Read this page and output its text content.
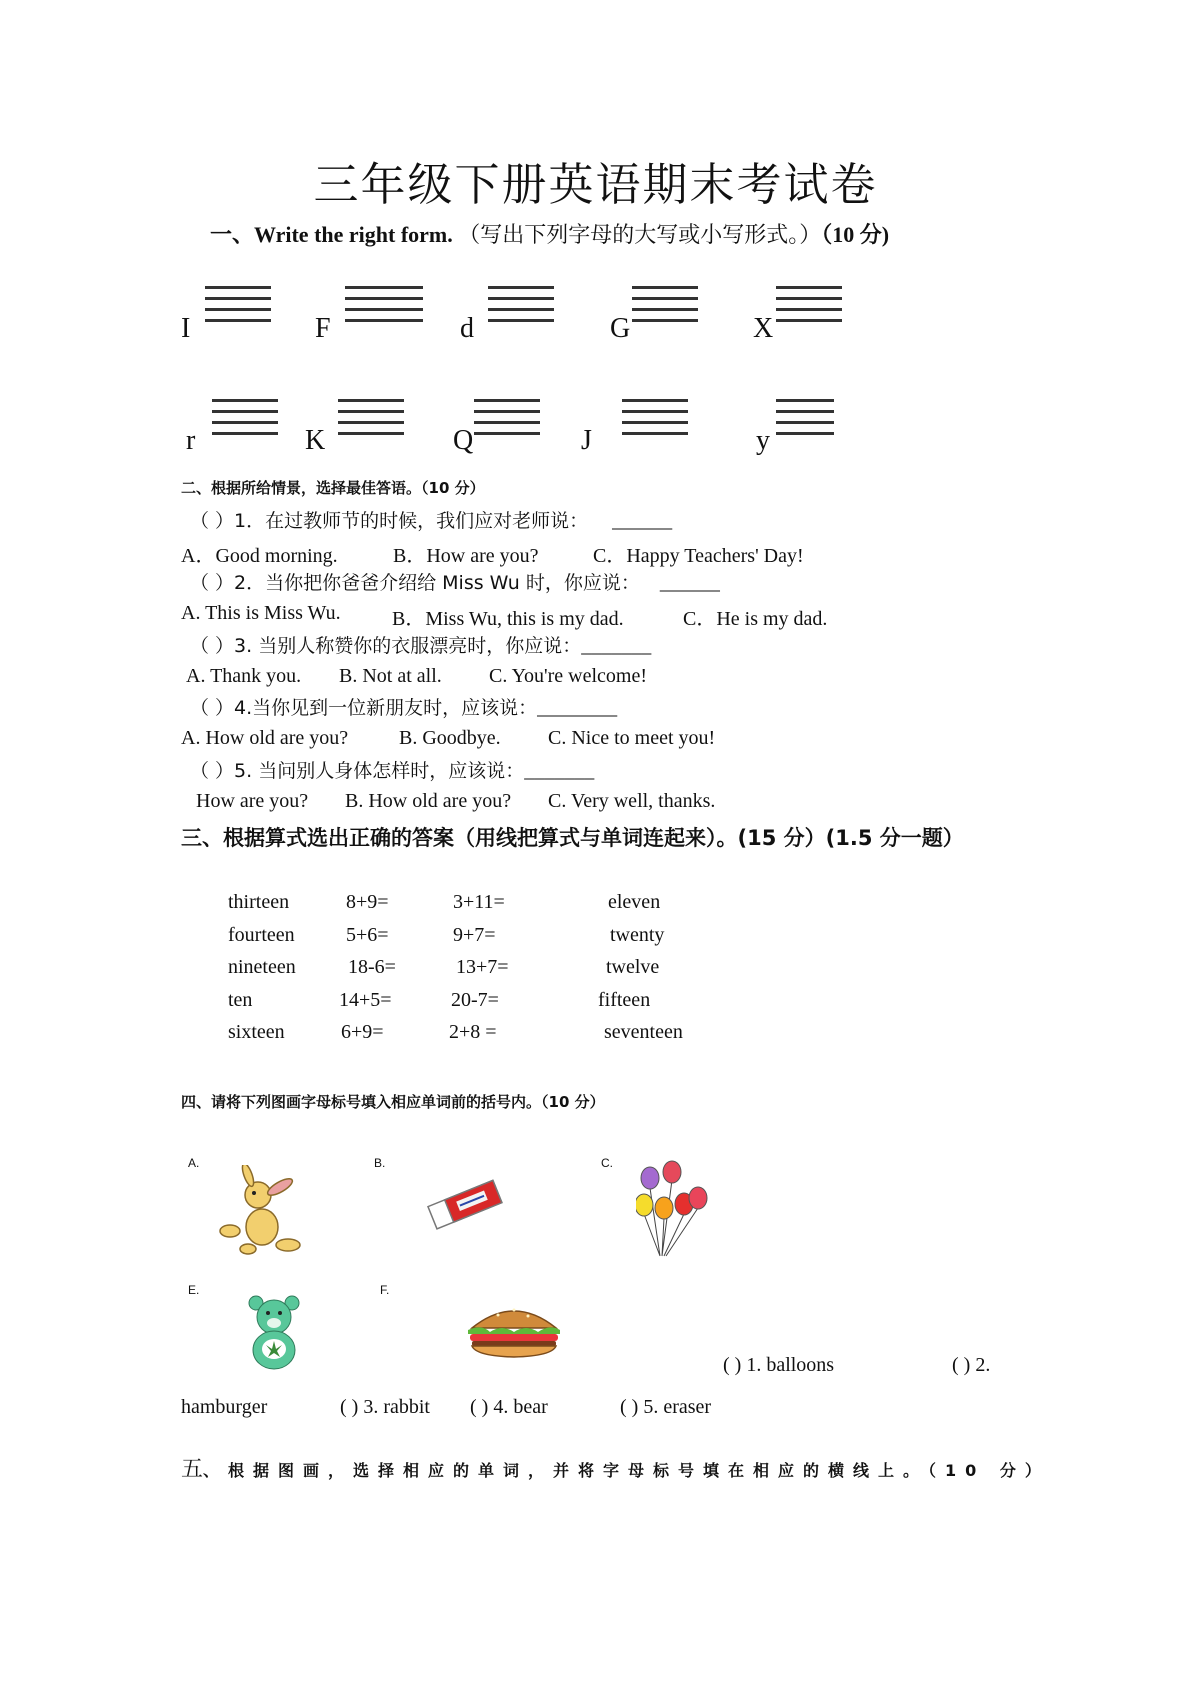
三年级下册英语期末考试卷
一、Write the right form. （写出下列字母的大写或小写形式。）（10 分)
I	F	d	G	X
r	K	Q	J	y
二、根据所给情景，选择最佳答语。（10 分）
（ ）1．在过教师节的时候，我们应对老师说： ______
A．Good morning.	B．How are you?	C．Happy Teachers' Day!
（ ）2．当你把你爸爸介绍给 Miss Wu 时，你应说： ______
A. This is Miss Wu.	B．Miss Wu, this is my dad.	C．He is my dad.
（ ）3. 当别人称赞你的衣服漂亮时，你应说：_______
A. Thank you. B. Not at all. C. You're welcome!
（ ）4.当你见到一位新朋友时，应该说：________
A. How old are you?	B. Goodbye. C. Nice to meet you!
（ ）5. 当问别人身体怎样时，应该说：_______
How are you? B. How old are you? C. Very well, thanks.
三、根据算式选出正确的答案（用线把算式与单词连起来）。(15 分）(1.5 分一题）
thirteen	8+9=	3+11=	eleven
fourteen	5+6=	9+7=	twenty
nineteen	18-6=	13+7=	twelve
ten	14+5=	20-7=	fifteen
sixteen	6+9=	2+8 =	seventeen
四、请将下列图画字母标号填入相应单词前的括号内。（10 分）
A.	B.	C.
E.	F.
( ) 1. balloons	( ) 2.
hamburger	( ) 3. rabbit ( ) 4. bear	( ) 5. eraser
五、根据图画，选择相应的单词，并将字母标号填在相应的横线上。（10 分）
